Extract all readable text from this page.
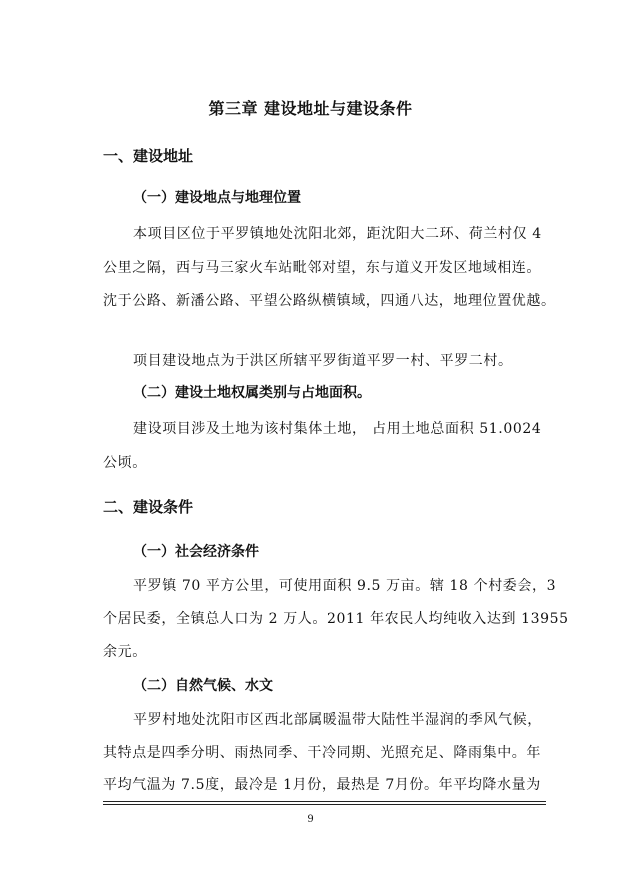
第三章 建设地址与建设条件
一、建设地址
（一）建设地点与地理位置
本项目区位于平罗镇地处沈阳北郊，距沈阳大二环、荷兰村仅 4
公里之隔，西与马三家火车站毗邻对望，东与道义开发区地域相连。
沈于公路、新潘公路、平望公路纵横镇域，四通八达，地理位置优越。
项目建设地点为于洪区所辖平罗街道平罗一村、平罗二村。
（二）建设土地权属类别与占地面积。
建设项目涉及土地为该村集体土地， 占用土地总面积 51.0024
公顷。
二、建设条件
（一）社会经济条件
平罗镇 70 平方公里，可使用面积 9.5 万亩。辖 18 个村委会，3
个居民委，全镇总人口为 2 万人。2011 年农民人均纯收入达到 13955
余元。
（二）自然气候、水文
平罗村地处沈阳市区西北部属暖温带大陆性半湿润的季风气候，
其特点是四季分明、雨热同季、干冷同期、光照充足、降雨集中。年
平均气温为 7.5度，最冷是 1月份，最热是 7月份。年平均降水量为
9
